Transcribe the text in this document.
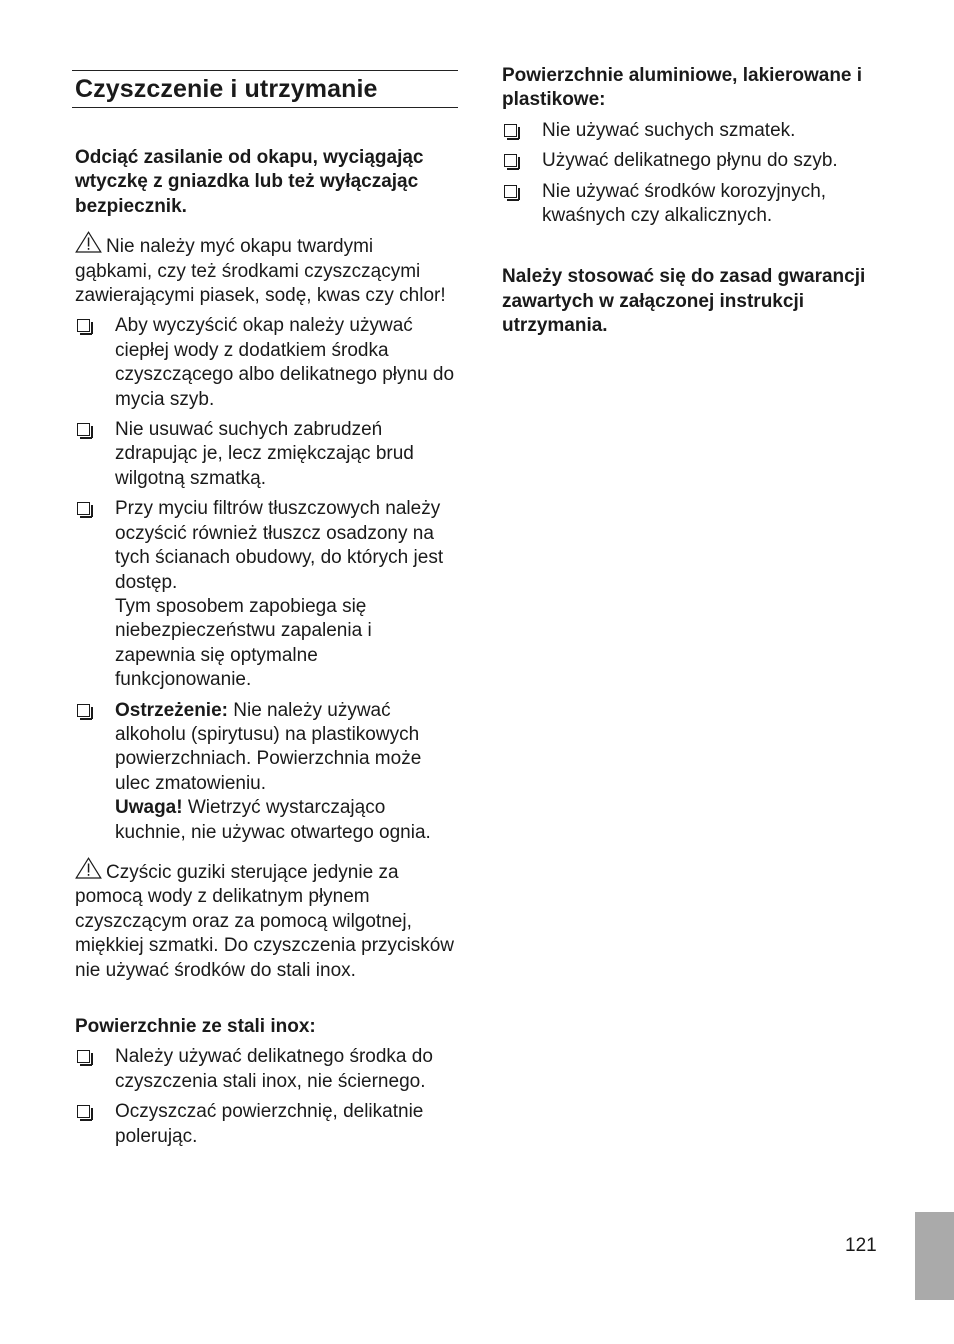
Czyszczenie i utrzymanie

Odciąć zasilanie od okapu, wyciągając wtyczkę z gniazdka lub też wyłączając bezpiecznik.

Nie należy myć okapu twardymi gąbkami, czy też środkami czyszczącymi zawierającymi piasek, sodę, kwas czy chlor!

Aby wyczyścić okap należy używać ciepłej wody z dodatkiem środka czyszczącego albo delikatnego płynu do mycia szyb.
Nie usuwać suchych zabrudzeń zdrapując je, lecz zmiękczając brud wilgotną szmatką.
Przy myciu filtrów tłuszczowych należy oczyścić również tłuszcz osadzony na tych ścianach obudowy, do których jest dostęp.
Tym sposobem zapobiega się niebezpieczeństwu zapalenia i zapewnia się optymalne funkcjonowanie.
Ostrzeżenie: Nie należy używać alkoholu (spirytusu) na plastikowych powierzchniach. Powierzchnia może ulec zmatowieniu.
Uwaga! Wietrzyć wystarczająco kuchnie, nie używac otwartego ognia.

Czyścic guziki sterujące jedynie za pomocą wody z delikatnym płynem czyszczącym oraz za pomocą wilgotnej, miękkiej szmatki. Do czyszczenia przycisków nie używać środków do stali inox.

Powierzchnie ze stali inox:

Należy używać delikatnego środka do czyszczenia stali inox, nie ściernego.
Oczyszczać powierzchnię, delikatnie polerując.

Powierzchnie aluminiowe, lakierowane i plastikowe:

Nie używać suchych szmatek.
Używać delikatnego płynu do szyb.
Nie używać środków korozyjnych, kwaśnych czy alkalicznych.

Należy stosować się do zasad gwarancji zawartych w załączonej instrukcji utrzymania.

121
